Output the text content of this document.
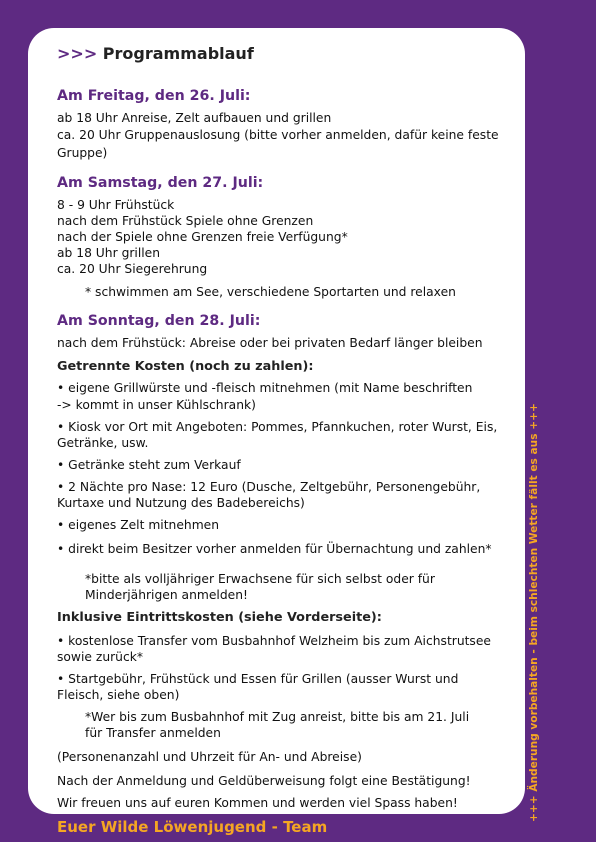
>>> Programmablauf
Am Freitag, den 26. Juli:
ab 18 Uhr Anreise, Zelt aufbauen und grillen
ca. 20 Uhr Gruppenauslosung (bitte vorher anmelden, dafür keine feste
Gruppe)
Am Samstag, den 27. Juli:
8 - 9 Uhr Frühstück
nach dem Frühstück Spiele ohne Grenzen
nach der Spiele ohne Grenzen freie Verfügung*
ab 18 Uhr grillen
ca. 20 Uhr Siegerehrung
* schwimmen am See, verschiedene Sportarten und relaxen
Am Sonntag, den 28. Juli:
nach dem Frühstück: Abreise oder bei privaten Bedarf länger bleiben
Getrennte Kosten (noch zu zahlen):
• eigene Grillwürste und -fleisch mitnehmen (mit Name beschriften
-> kommt in unser Kühlschrank)
• Kiosk vor Ort mit Angeboten: Pommes, Pfannkuchen, roter Wurst, Eis,
Getränke, usw.
• Getränke steht zum Verkauf
• 2 Nächte pro Nase: 12 Euro (Dusche, Zeltgebühr, Personengebühr,
Kurtaxe und Nutzung des Badebereichs)
• eigenes Zelt mitnehmen
• direkt beim Besitzer vorher anmelden für Übernachtung und zahlen*
*bitte als volljähriger Erwachsene für sich selbst oder für
Minderjährigen anmelden!
Inklusive Eintrittskosten (siehe Vorderseite):
• kostenlose Transfer vom Busbahnhof Welzheim bis zum Aichstrutsee
sowie zurück*
• Startgebühr, Frühstück und Essen für Grillen (ausser Wurst und
Fleisch, siehe oben)
*Wer bis zum Busbahnhof mit Zug anreist, bitte bis am 21. Juli
für Transfer anmelden
(Personenanzahl und Uhrzeit für An- und Abreise)
Nach der Anmeldung und Geldüberweisung folgt eine Bestätigung!
Wir freuen uns auf euren Kommen und werden viel Spass haben!
Euer Wilde Löwenjugend - Team
+++ Änderung vorbehalten - beim schlechten Wetter fällt es aus +++
